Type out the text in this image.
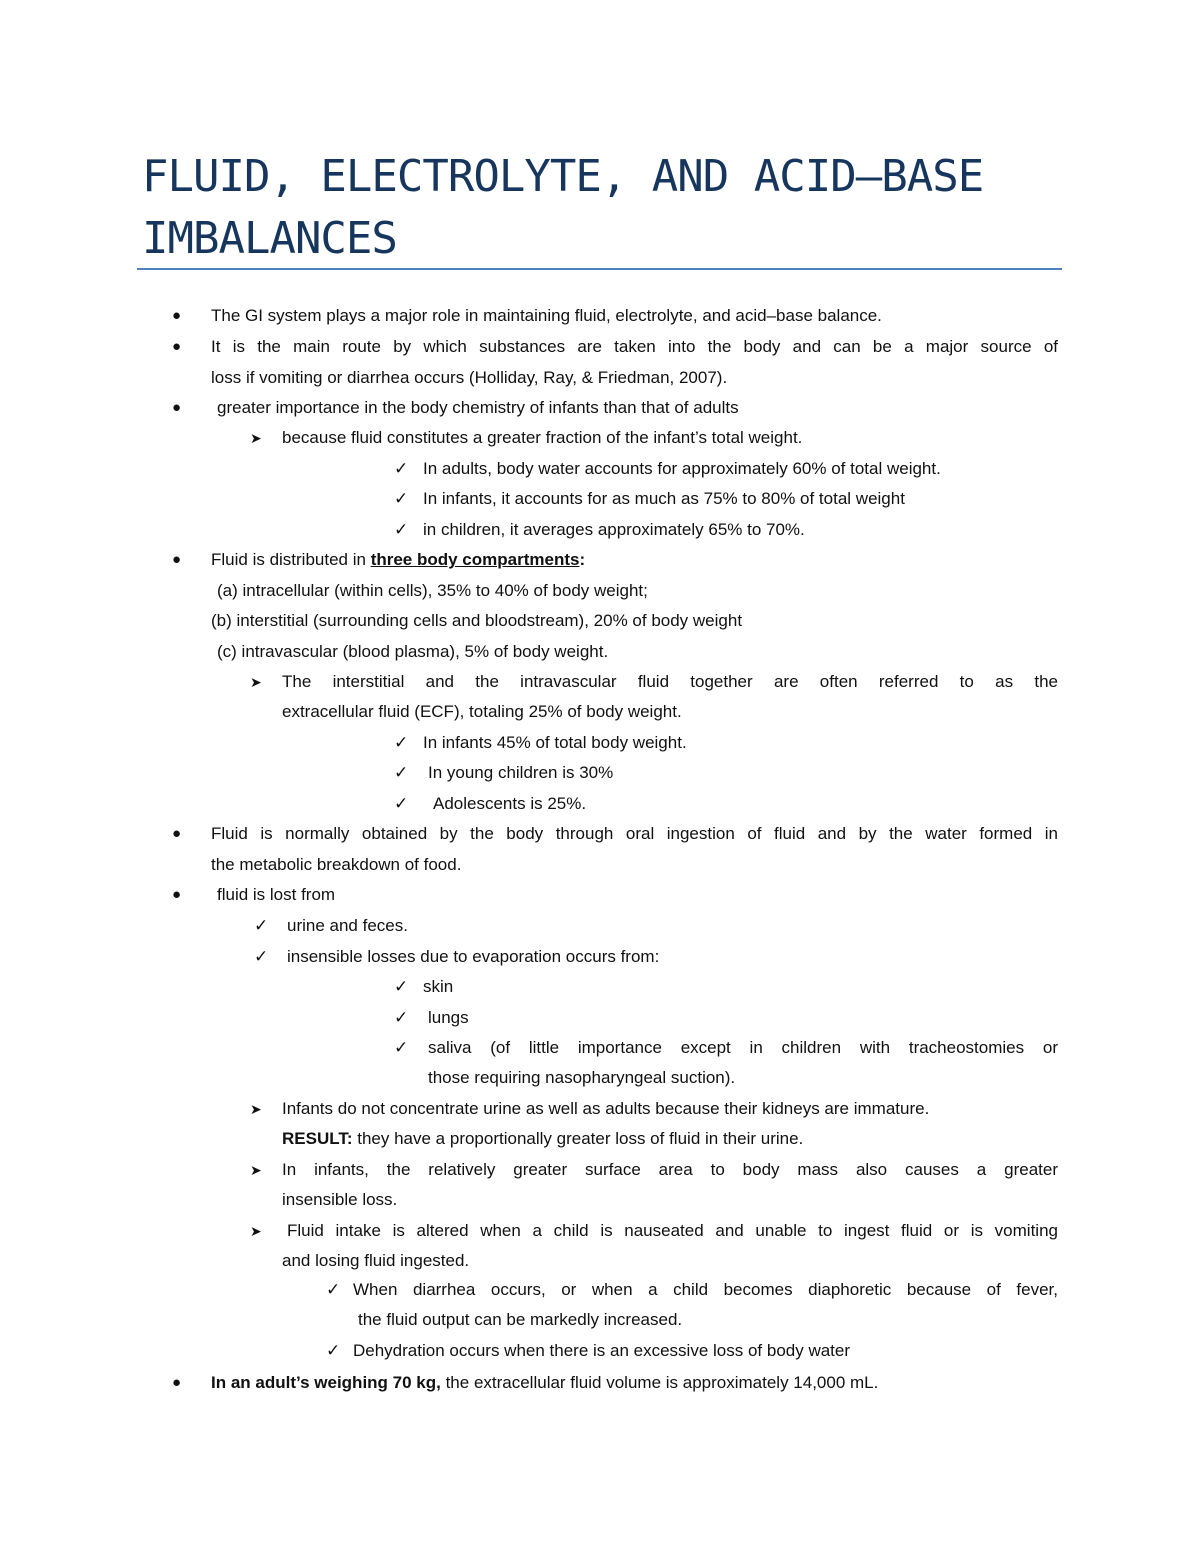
FLUID, ELECTROLYTE, AND ACID–BASE IMBALANCES
● The GI system plays a major role in maintaining fluid, electrolyte, and acid–base balance.
● It is the main route by which substances are taken into the body and can be a major source of
loss if vomiting or diarrhea occurs (Holliday, Ray, & Friedman, 2007).
● greater importance in the body chemistry of infants than that of adults
➤ because fluid constitutes a greater fraction of the infant’s total weight.
✓ In adults, body water accounts for approximately 60% of total weight.
✓ In infants, it accounts for as much as 75% to 80% of total weight
✓ in children, it averages approximately 65% to 70%.
● Fluid is distributed in three body compartments:
(a) intracellular (within cells), 35% to 40% of body weight;
(b) interstitial (surrounding cells and bloodstream), 20% of body weight
(c) intravascular (blood plasma), 5% of body weight.
➤ The interstitial and the intravascular fluid together are often referred to as the
extracellular fluid (ECF), totaling 25% of body weight.
✓ In infants 45% of total body weight.
✓ In young children is 30%
✓ Adolescents is 25%.
● Fluid is normally obtained by the body through oral ingestion of fluid and by the water formed in
the metabolic breakdown of food.
● fluid is lost from
✓ urine and feces.
✓ insensible losses due to evaporation occurs from:
✓ skin
✓ lungs
✓ saliva (of little importance except in children with tracheostomies or
those requiring nasopharyngeal suction).
➤ Infants do not concentrate urine as well as adults because their kidneys are immature.
RESULT: they have a proportionally greater loss of fluid in their urine.
➤ In infants, the relatively greater surface area to body mass also causes a greater
insensible loss.
➤ Fluid intake is altered when a child is nauseated and unable to ingest fluid or is vomiting
and losing fluid ingested.
✓ When diarrhea occurs, or when a child becomes diaphoretic because of fever,
the fluid output can be markedly increased.
✓ Dehydration occurs when there is an excessive loss of body water
● In an adult’s weighing 70 kg, the extracellular fluid volume is approximately 14,000 mL.
